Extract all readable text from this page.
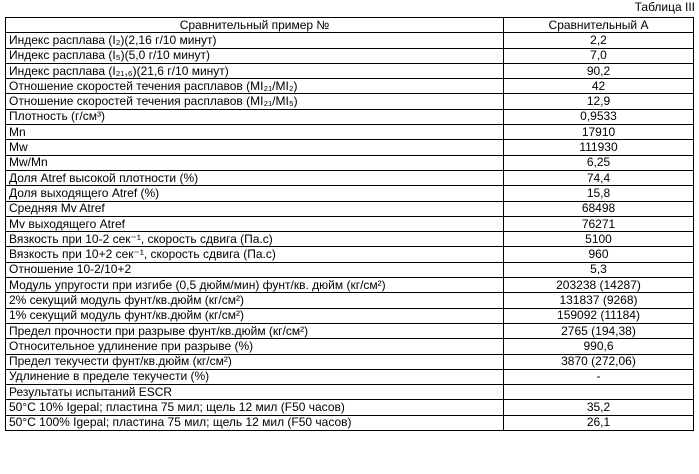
Таблица III
Сравнительный пример №	Сравнительный А
Индекс расплава (I₂)(2,16 г/10 минут)	2,2
Индекс расплава (I₅)(5,0 г/10 минут)	7,0
Индекс расплава (I₂₁,₆)(21,6 г/10 минут)	90,2
Отношение скоростей течения расплавов (MI₂₁/MI₂)	42
Отношение скоростей течения расплавов (MI₂₁/MI₅)	12,9
Плотность (г/см³)	0,9533
Mn	17910
Mw	111930
Mw/Mn	6,25
Доля Atref высокой плотности (%)	74,4
Доля выходящего Atref (%)	15,8
Средняя Mv Atref	68498
Mv выходящего Atref	76271
Вязкость при 10-2 сек⁻¹, скорость сдвига (Па.с)	5100
Вязкость при 10+2 сек⁻¹, скорость сдвига (Па.с)	960
Отношение 10-2/10+2	5,3
Модуль упругости при изгибе (0,5 дюйм/мин) фунт/кв. дюйм (кг/см²)	203238 (14287)
2% секущий модуль фунт/кв.дюйм (кг/см²)	131837 (9268)
1% секущий модуль фунт/кв.дюйм (кг/см²)	159092 (11184)
Предел прочности при разрыве фунт/кв.дюйм (кг/см²)	2765 (194,38)
Относительное удлинение при разрыве (%)	990,6
Предел текучести фунт/кв.дюйм (кг/см²)	3870 (272,06)
Удлинение в пределе текучести (%)	-
Результаты испытаний ESCR	
50°C 10% Igepal; пластина 75 мил; щель 12 мил (F50 часов)	35,2
50°C 100% Igepal; пластина 75 мил; щель 12 мил (F50 часов)	26,1
